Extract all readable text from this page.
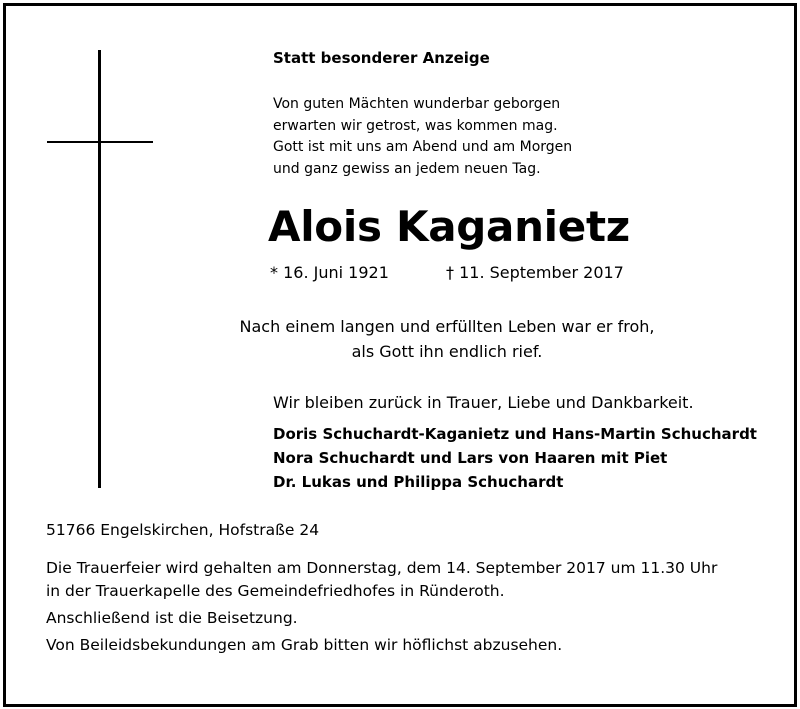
Statt besonderer Anzeige
Von guten Mächten wunderbar geborgen
erwarten wir getrost, was kommen mag.
Gott ist mit uns am Abend und am Morgen
und ganz gewiss an jedem neuen Tag.
Alois Kaganietz
* 16. Juni 1921	† 11. September 2017
Nach einem langen und erfüllten Leben war er froh,
als Gott ihn endlich rief.
Wir bleiben zurück in Trauer, Liebe und Dankbarkeit.
Doris Schuchardt-Kaganietz und Hans-Martin Schuchardt
Nora Schuchardt und Lars von Haaren mit Piet
Dr. Lukas und Philippa Schuchardt
51766 Engelskirchen, Hofstraße 24
Die Trauerfeier wird gehalten am Donnerstag, dem 14. September 2017 um 11.30 Uhr
in der Trauerkapelle des Gemeindefriedhofes in Ründeroth.
Anschließend ist die Beisetzung.
Von Beileidsbekundungen am Grab bitten wir höflichst abzusehen.
